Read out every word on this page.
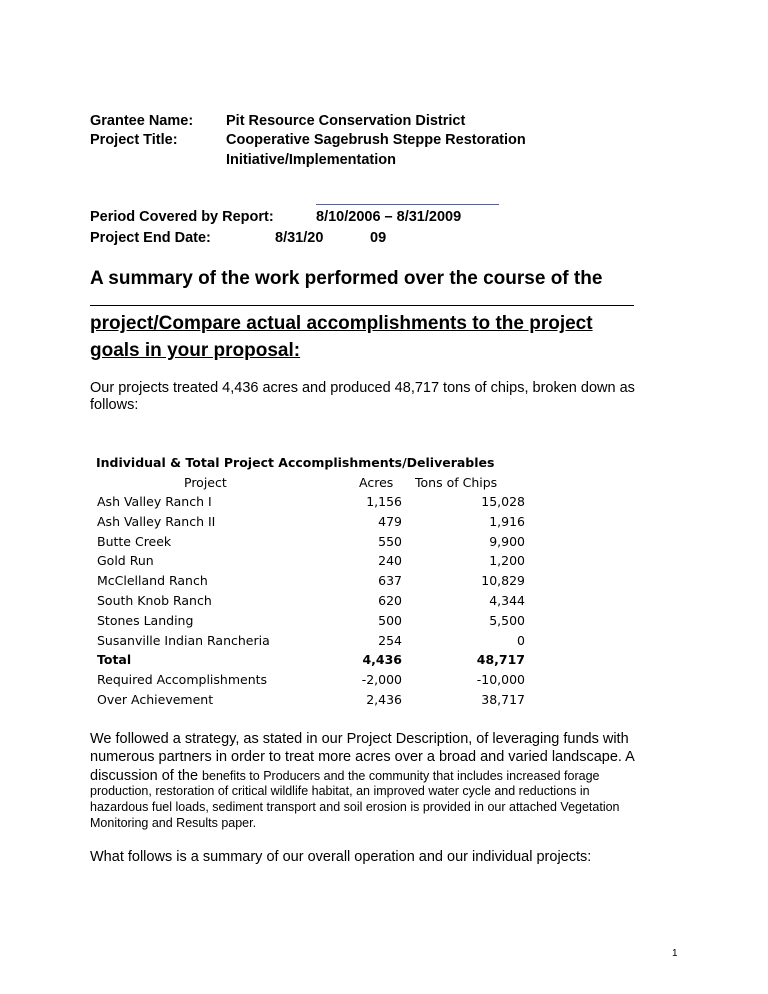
Grantee Name: Pit Resource Conservation District
Project Title:	Cooperative Sagebrush Steppe Restoration
Initiative/Implementation
Period Covered by Report:	8/10/2006 – 8/31/2009
Project End Date:	8/31/20	09
A summary of the work performed over the course of the
project/Compare actual accomplishments to the project
goals in your proposal:
Our projects treated 4,436 acres and produced 48,717 tons of chips, broken down as
follows:
Individual & Total Project Accomplishments/Deliverables
Project	Acres Tons of Chips
Ash Valley Ranch I	1,156	15,028
Ash Valley Ranch II	479	1,916
Butte Creek	550	9,900
Gold Run	240	1,200
McClelland Ranch	637	10,829
South Knob Ranch	620	4,344
Stones Landing	500	5,500
Susanville Indian Rancheria	254	0
Total	4,436	48,717
Required Accomplishments	-2,000	-10,000
Over Achievement	2,436	38,717
We followed a strategy, as stated in our Project Description, of leveraging funds with
numerous partners in order to treat more acres over a broad and varied landscape. A
discussion of the benefits to Producers and the community that includes increased forage
production, restoration of critical wildlife habitat, an improved water cycle and reductions in
hazardous fuel loads, sediment transport and soil erosion is provided in our attached Vegetation
Monitoring and Results paper.
What follows is a summary of our overall operation and our individual projects:
1
